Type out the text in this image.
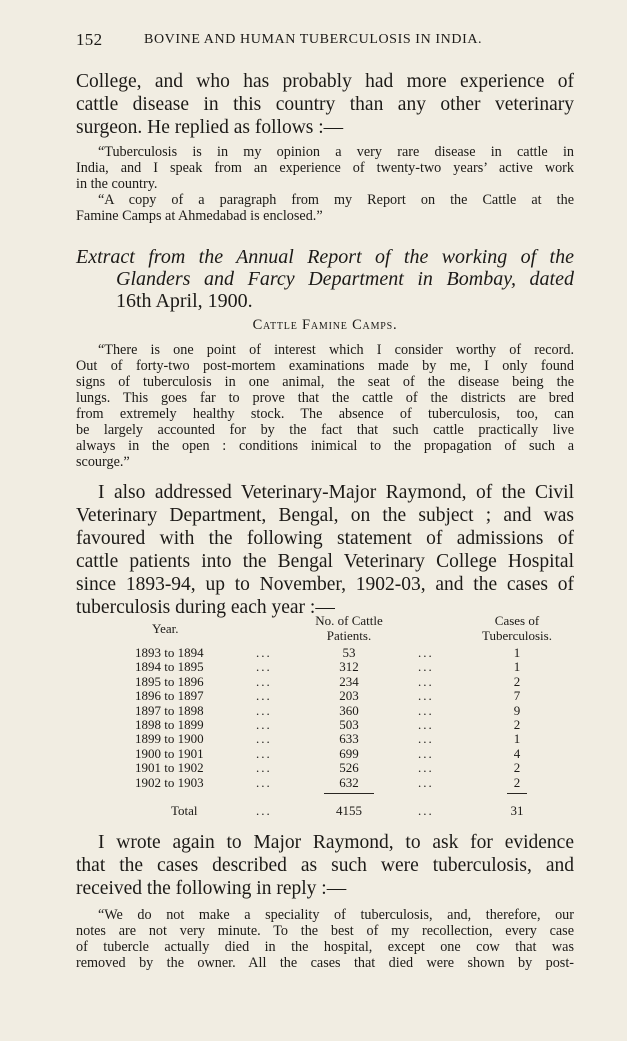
152	BOVINE AND HUMAN TUBERCULOSIS IN INDIA.
College, and who has probably had more experience of
cattle disease in this country than any other veterinary
surgeon. He replied as follows :—
“Tuberculosis is in my opinion a very rare disease in cattle in
India, and I speak from an experience of twenty-two years’ active work
in the country.
“A copy of a paragraph from my Report on the Cattle at the
Famine Camps at Ahmedabad is enclosed.”
Extract from the Annual Report of the working of the
Glanders and Farcy Department in Bombay, dated
16th April, 1900.
Cattle Famine Camps.
“There is one point of interest which I consider worthy of record.
Out of forty-two post-mortem examinations made by me, I only found
signs of tuberculosis in one animal, the seat of the disease being the
lungs. This goes far to prove that the cattle of the districts are bred
from extremely healthy stock. The absence of tuberculosis, too, can
be largely accounted for by the fact that such cattle practically live
always in the open : conditions inimical to the propagation of such a
scourge.”
I also addressed Veterinary-Major Raymond, of the Civil
Veterinary Department, Bengal, on the subject ; and was
favoured with the following statement of admissions of
cattle patients into the Bengal Veterinary College Hospital
since 1893-94, up to November, 1902-03, and the cases of
tuberculosis during each year :—
Year.
No. of Cattle
Patients.
Cases of
Tuberculosis.
1893 to 1894	...	53	...	1
1894 to 1895	...	312	...	1
1895 to 1896	...	234	...	2
1896 to 1897	...	203	...	7
1897 to 1898	...	360	...	9
1898 to 1899	...	503	...	2
1899 to 1900	...	633	...	1
1900 to 1901	...	699	...	4
1901 to 1902	...	526	...	2
1902 to 1903	...	632	...	2
Total	...	4155	...	31
I wrote again to Major Raymond, to ask for evidence
that the cases described as such were tuberculosis, and
received the following in reply :—
“We do not make a speciality of tuberculosis, and, therefore, our
notes are not very minute. To the best of my recollection, every case
of tubercle actually died in the hospital, except one cow that was
removed by the owner. All the cases that died were shown by post-
